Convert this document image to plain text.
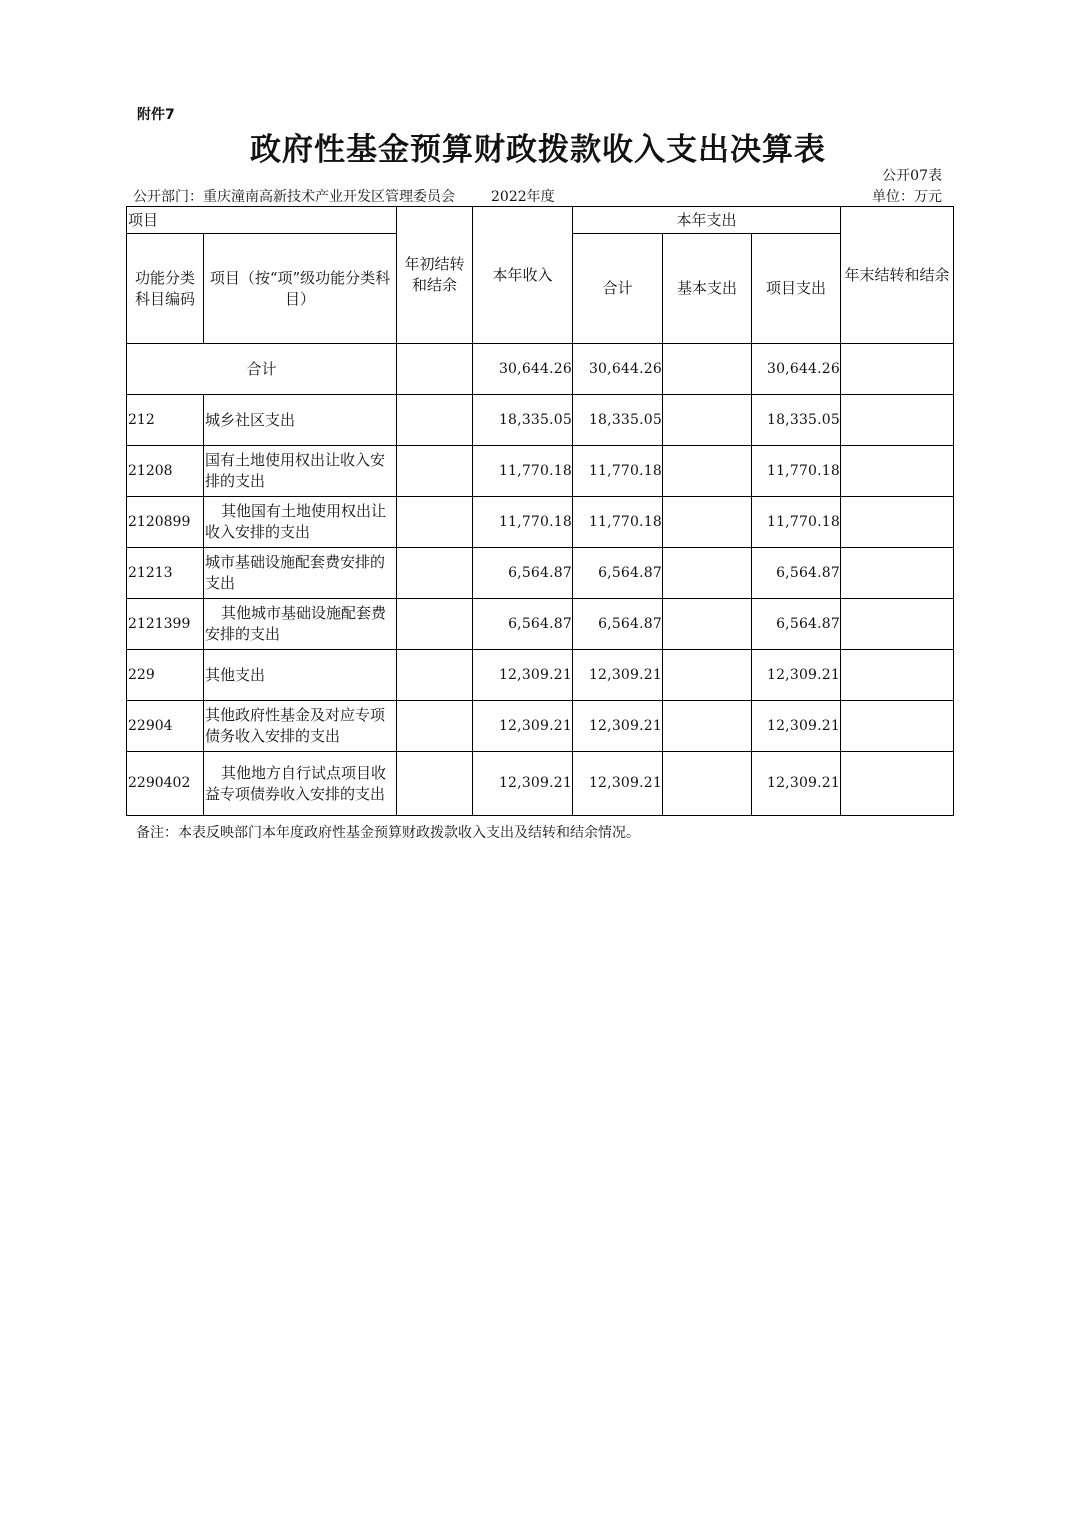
附件7
政府性基金预算财政拨款收入支出决算表
公开07表
公开部门：重庆潼南高新技术产业开发区管理委员会	2022年度	单位：万元
项目		年初结转和结余	本年收入	本年支出			年末结转和结余
功能分类科目编码	项目（按“项”级功能分类科目）			合计	基本支出	项目支出	
合计			30,644.26	30,644.26		30,644.26	
212	城乡社区支出		18,335.05	18,335.05		18,335.05	
21208	国有土地使用权出让收入安排的支出		11,770.18	11,770.18		11,770.18	
2120899	其他国有土地使用权出让收入安排的支出		11,770.18	11,770.18		11,770.18	
21213	城市基础设施配套费安排的支出		6,564.87	6,564.87		6,564.87	
2121399	其他城市基础设施配套费安排的支出		6,564.87	6,564.87		6,564.87	
229	其他支出		12,309.21	12,309.21		12,309.21	
22904	其他政府性基金及对应专项债务收入安排的支出		12,309.21	12,309.21		12,309.21	
2290402	其他地方自行试点项目收益专项债券收入安排的支出		12,309.21	12,309.21		12,309.21	
备注：本表反映部门本年度政府性基金预算财政拨款收入支出及结转和结余情况。
